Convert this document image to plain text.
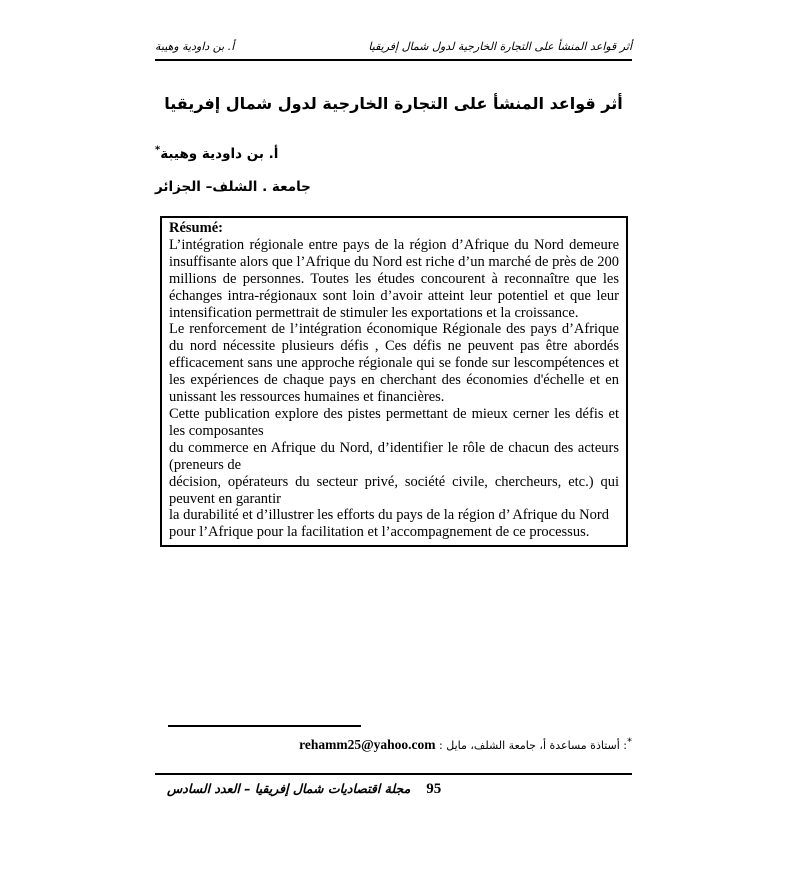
أثر قواعد المنشأ على التجارة الخارجية لدول شمال إفريقيا
أ. بن داودية وهيبة
أثر قواعد المنشأ على التجارة الخارجية لدول شمال إفريقيا
أ. بن داودية وهيبة*
جامعة . الشلف– الجزائر

Résumé:

L’intégration régionale entre pays de la région d’Afrique du Nord demeure insuffisante alors que l’Afrique du Nord est riche d’un marché de près de 200 millions de personnes. Toutes les études concourent à reconnaître que les échanges intra-régionaux sont loin d’avoir atteint leur potentiel et que leur intensification permettrait de stimuler les exportations et la croissance.

Le renforcement de l’intégration économique Régionale des pays d’Afrique du nord nécessite plusieurs défis , Ces défis ne peuvent pas être abordés efficacement sans une approche régionale qui se fonde sur lescompétences et les expériences de chaque pays en cherchant des économies d'échelle et en unissant les ressources humaines et financières.

Cette publication explore des pistes permettant de mieux cerner les défis et les composantes

du commerce en Afrique du Nord, d’identifier le rôle de chacun des acteurs (preneurs de

décision, opérateurs du secteur privé, société civile, chercheurs, etc.) qui peuvent en garantir

la durabilité et d’illustrer les efforts du pays de la région d’ Afrique du Nord

pour l’Afrique pour la facilitation et l’accompagnement de ce processus.

*: أستاذة مساعدة أ، جامعة الشلف، مايل : rehamm25@yahoo.com
مجلة اقتصاديات شمال إفريقيا – العدد السادس 95
